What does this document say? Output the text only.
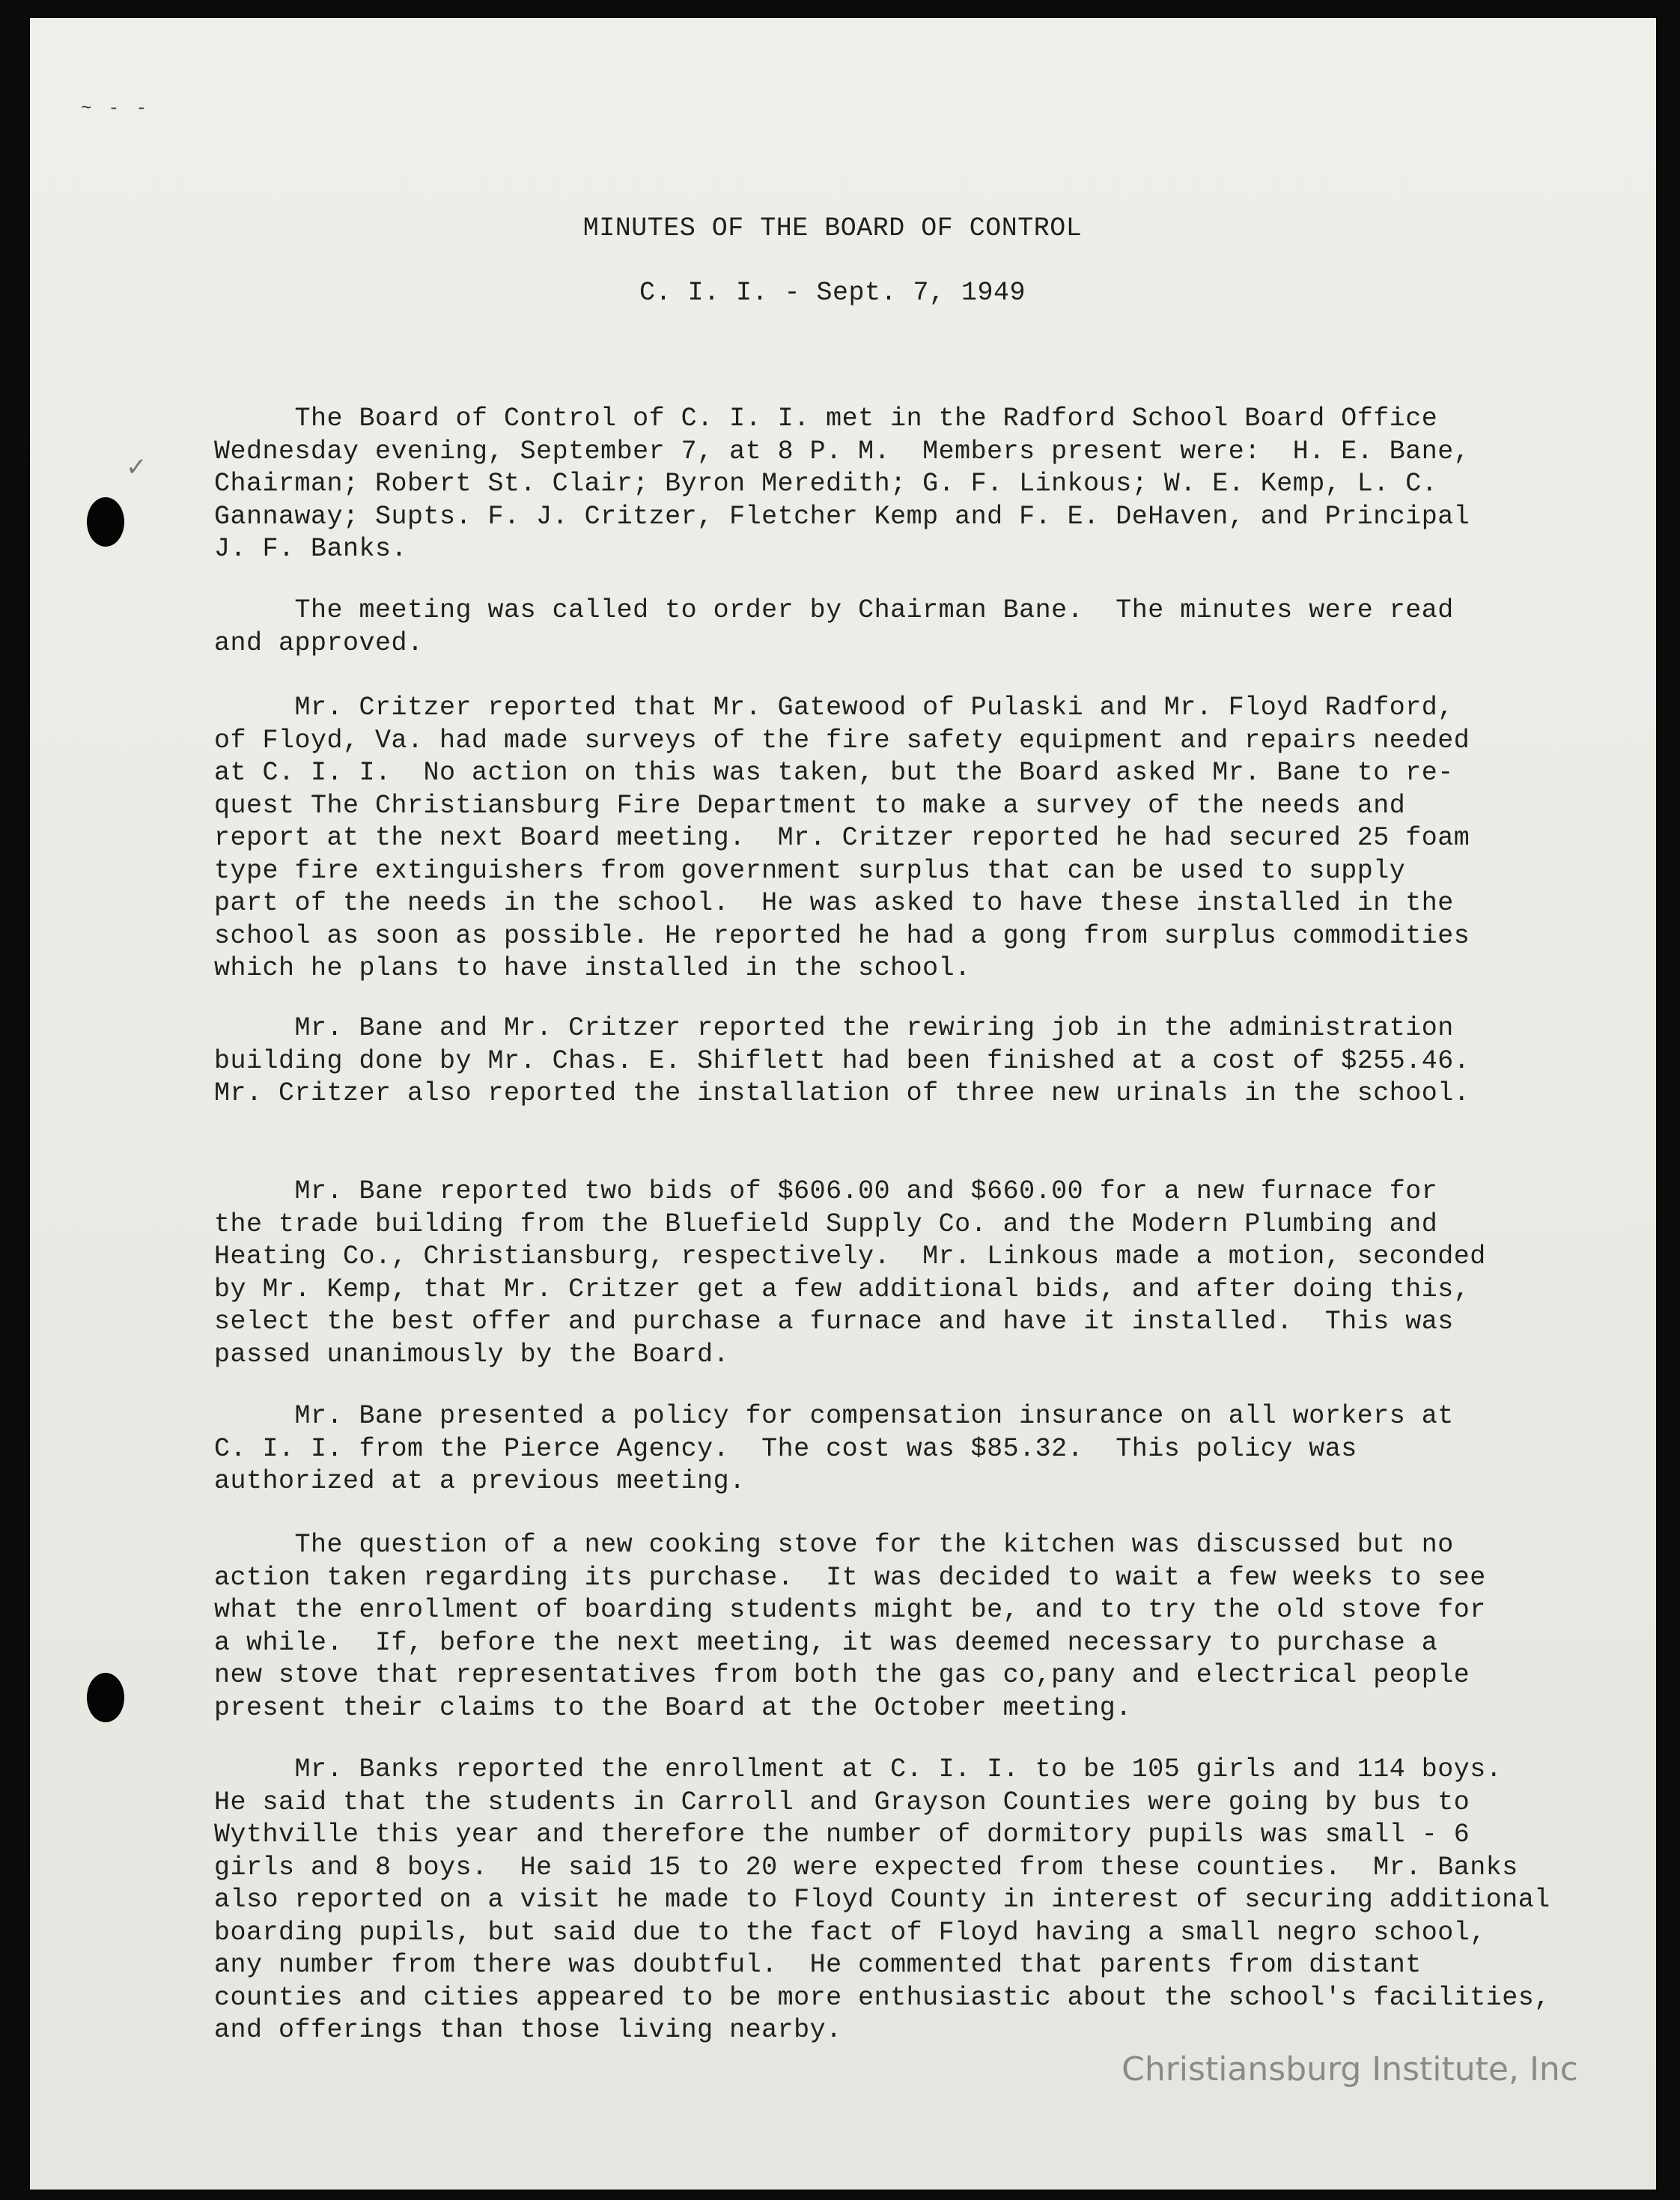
~ - -
✓
MINUTES OF THE BOARD OF CONTROL
C. I. I. - Sept. 7, 1949
The Board of Control of C. I. I. met in the Radford School Board Office
Wednesday evening, September 7, at 8 P. M.  Members present were:  H. E. Bane,
Chairman; Robert St. Clair; Byron Meredith; G. F. Linkous; W. E. Kemp, L. C.
Gannaway; Supts. F. J. Critzer, Fletcher Kemp and F. E. DeHaven, and Principal
J. F. Banks.
The meeting was called to order by Chairman Bane.  The minutes were read
and approved.
Mr. Critzer reported that Mr. Gatewood of Pulaski and Mr. Floyd Radford,
of Floyd, Va. had made surveys of the fire safety equipment and repairs needed
at C. I. I.  No action on this was taken, but the Board asked Mr. Bane to re-
quest The Christiansburg Fire Department to make a survey of the needs and
report at the next Board meeting.  Mr. Critzer reported he had secured 25 foam
type fire extinguishers from government surplus that can be used to supply
part of the needs in the school.  He was asked to have these installed in the
school as soon as possible. He reported he had a gong from surplus commodities
which he plans to have installed in the school.
Mr. Bane and Mr. Critzer reported the rewiring job in the administration
building done by Mr. Chas. E. Shiflett had been finished at a cost of $255.46.
Mr. Critzer also reported the installation of three new urinals in the school.
Mr. Bane reported two bids of $606.00 and $660.00 for a new furnace for
the trade building from the Bluefield Supply Co. and the Modern Plumbing and
Heating Co., Christiansburg, respectively.  Mr. Linkous made a motion, seconded
by Mr. Kemp, that Mr. Critzer get a few additional bids, and after doing this,
select the best offer and purchase a furnace and have it installed.  This was
passed unanimously by the Board.
Mr. Bane presented a policy for compensation insurance on all workers at
C. I. I. from the Pierce Agency.  The cost was $85.32.  This policy was
authorized at a previous meeting.
The question of a new cooking stove for the kitchen was discussed but no
action taken regarding its purchase.  It was decided to wait a few weeks to see
what the enrollment of boarding students might be, and to try the old stove for
a while.  If, before the next meeting, it was deemed necessary to purchase a
new stove that representatives from both the gas co,pany and electrical people
present their claims to the Board at the October meeting.
Mr. Banks reported the enrollment at C. I. I. to be 105 girls and 114 boys.
He said that the students in Carroll and Grayson Counties were going by bus to
Wythville this year and therefore the number of dormitory pupils was small - 6
girls and 8 boys.  He said 15 to 20 were expected from these counties.  Mr. Banks
also reported on a visit he made to Floyd County in interest of securing additional
boarding pupils, but said due to the fact of Floyd having a small negro school,
any number from there was doubtful.  He commented that parents from distant
counties and cities appeared to be more enthusiastic about the school's facilities,
and offerings than those living nearby.
Christiansburg Institute, Inc
